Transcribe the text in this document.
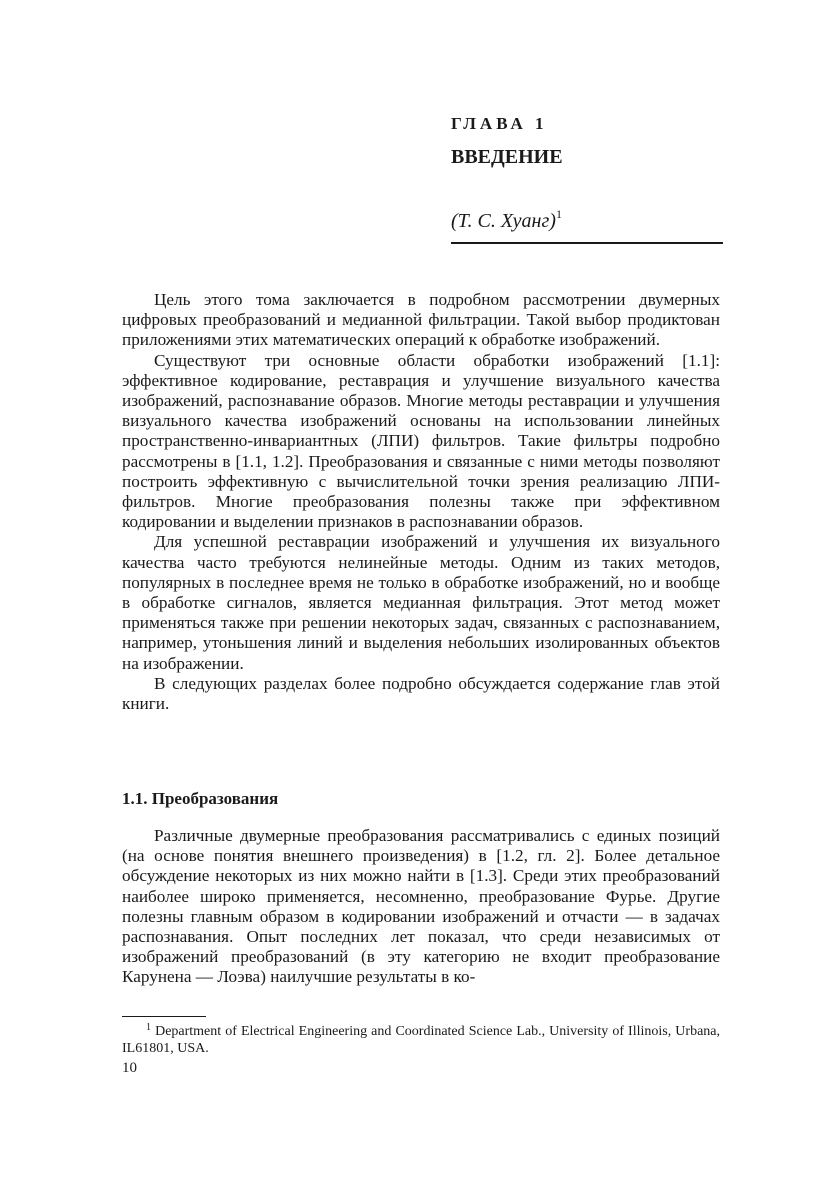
ГЛАВА 1
ВВЕДЕНИЕ
(Т. С. Хуанг)$^1$

Цель этого тома заключается в подробном рассмотрении двумерных цифровых преобразований и медианной фильтрации. Такой выбор продиктован приложениями этих математических операций к обработке изображений.

Существуют три основные области обработки изображений [1.1]: эффективное кодирование, реставрация и улучшение визуального качества изображений, распознавание образов. Многие методы реставрации и улучшения визуального качества изображений основаны на использовании линейных пространственно-инвариантных (ЛПИ) фильтров. Такие фильтры подробно рассмотрены в [1.1, 1.2]. Преобразования и связанные с ними методы позволяют построить эффективную с вычислительной точки зрения реализацию ЛПИ-фильтров. Многие преобразования полезны также при эффективном кодировании и выделении признаков в распознавании образов.

Для успешной реставрации изображений и улучшения их визуального качества часто требуются нелинейные методы. Одним из таких методов, популярных в последнее время не только в обработке изображений, но и вообще в обработке сигналов, является медианная фильтрация. Этот метод может применяться также при решении некоторых задач, связанных с распознаванием, например, утоньшения линий и выделения небольших изолированных объектов на изображении.

В следующих разделах более подробно обсуждается содержание глав этой книги.

1.1. Преобразования

Различные двумерные преобразования рассматривались с единых позиций (на основе понятия внешнего произведения) в [1.2, гл. 2]. Более детальное обсуждение некоторых из них можно найти в [1.3]. Среди этих преобразований наиболее широко применяется, несомненно, преобразование Фурье. Другие полезны главным образом в кодировании изображений и отчасти — в задачах распознавания. Опыт последних лет показал, что среди независимых от изображений преобразований (в эту категорию не входит преобразование Карунена — Лоэва) наилучшие результаты в ко-

$^1$ Department of Electrical Engineering and Coordinated Science Lab., University of Illinois, Urbana, IL61801, USA.
10
